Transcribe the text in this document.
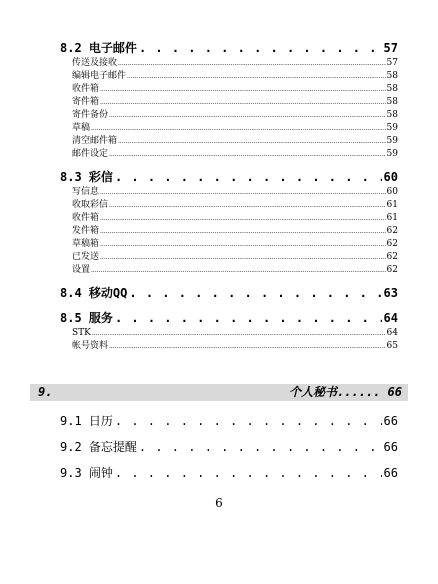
8.2 电子邮件 . . .	57
传送及接收 .....	57
编辑电子邮件 .....	58
收件箱 .....	58
寄件箱 .....	58
寄件备份 .....	58
草稿 .....	59
清空邮件箱 .....	59
邮件设定 .....	59
8.3 彩信 . . .	60
写信息 .....	60
收取彩信 .....	61
收件箱 .....	61
发件箱 .....	62
草稿箱 .....	62
已发送 .....	62
设置 .....	62
8.4 移动QQ . . .	63
8.5 服务 . . .	64
STK .....	64
帐号资料 .....	65
9.	个人秘书...... 66
9.1 日历 . . .	66
9.2 备忘提醒 . . .	66
9.3 闹钟 . . .	66
6
